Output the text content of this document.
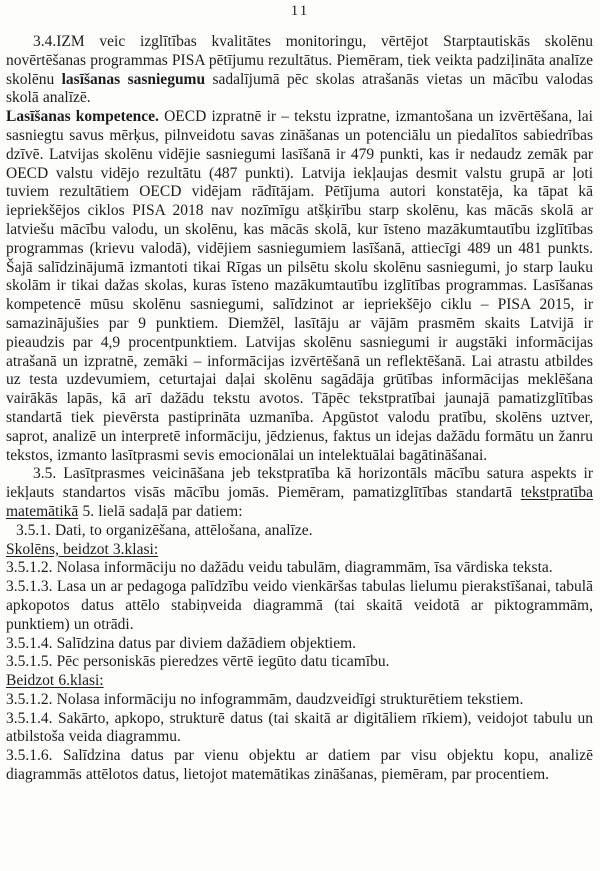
11

3.4.IZM veic izglītības kvalitātes monitoringu, vērtējot Starptautiskās skolēnu novērtēšanas programmas PISA pētījumu rezultātus. Piemēram, tiek veikta padziļināta analīze skolēnu lasīšanas sasniegumu sadalījumā pēc skolas atrašanās vietas un mācību valodas skolā analīzē.

Lasīšanas kompetence. OECD izpratnē ir – tekstu izpratne, izmantošana un izvērtēšana, lai sasniegtu savus mērķus, pilnveidotu savas zināšanas un potenciālu un piedalītos sabiedrības dzīvē. Latvijas skolēnu vidējie sasniegumi lasīšanā ir 479 punkti, kas ir nedaudz zemāk par OECD valstu vidējo rezultātu (487 punkti). Latvija iekļaujas desmit valstu grupā ar ļoti tuviem rezultātiem OECD vidējam rādītājam. Pētījuma autori konstatēja, ka tāpat kā iepriekšējos ciklos PISA 2018 nav nozīmīgu atšķirību starp skolēnu, kas mācās skolā ar latviešu mācību valodu, un skolēnu, kas mācās skolā, kur īsteno mazākumtautību izglītības programmas (krievu valodā), vidējiem sasniegumiem lasīšanā, attiecīgi 489 un 481 punkts. Šajā salīdzinājumā izmantoti tikai Rīgas un pilsētu skolu skolēnu sasniegumi, jo starp lauku skolām ir tikai dažas skolas, kuras īsteno mazākumtautību izglītības programmas. Lasīšanas kompetencē mūsu skolēnu sasniegumi, salīdzinot ar iepriekšējo ciklu – PISA 2015, ir samazinājušies par 9 punktiem. Diemžēl, lasītāju ar vājām prasmēm skaits Latvijā ir pieaudzis par 4,9 procentpunktiem. Latvijas skolēnu sasniegumi ir augstāki informācijas atrašanā un izpratnē, zemāki – informācijas izvērtēšanā un reflektēšanā. Lai atrastu atbildes uz testa uzdevumiem, ceturtajai daļai skolēnu sagādāja grūtības informācijas meklēšana vairākās lapās, kā arī dažādu tekstu avotos. Tāpēc tekstpratībai jaunajā pamatizglītības standartā tiek pievērsta pastiprināta uzmanība. Apgūstot valodu pratību, skolēns uztver, saprot, analizē un interpretē informāciju, jēdzienus, faktus un idejas dažādu formātu un žanru tekstos, izmanto lasītprasmi sevis emocionālai un intelektuālai bagātināšanai.

3.5. Lasītprasmes veicināšana jeb tekstpratība kā horizontāls mācību satura aspekts ir iekļauts standartos visās mācību jomās. Piemēram, pamatizglītības standartā tekstpratība matemātikā 5. lielā sadaļā par datiem:

3.5.1. Dati, to organizēšana, attēlošana, analīze.

Skolēns, beidzot 3.klasi:

3.5.1.2. Nolasa informāciju no dažādu veidu tabulām, diagrammām, īsa vārdiska teksta.

3.5.1.3. Lasa un ar pedagoga palīdzību veido vienkāršas tabulas lielumu pierakstīšanai, tabulā apkopotos datus attēlo stabiņveida diagrammā (tai skaitā veidotā ar piktogrammām, punktiem) un otrādi.

3.5.1.4. Salīdzina datus par diviem dažādiem objektiem.

3.5.1.5. Pēc personiskās pieredzes vērtē iegūto datu ticamību.

Beidzot 6.klasi:

3.5.1.2. Nolasa informāciju no infogrammām, daudzveidīgi strukturētiem tekstiem.

3.5.1.4. Sakārto, apkopo, strukturē datus (tai skaitā ar digitāliem rīkiem), veidojot tabulu un atbilstoša veida diagrammu.

3.5.1.6. Salīdzina datus par vienu objektu ar datiem par visu objektu kopu, analizē diagrammās attēlotos datus, lietojot matemātikas zināšanas, piemēram, par procentiem.
